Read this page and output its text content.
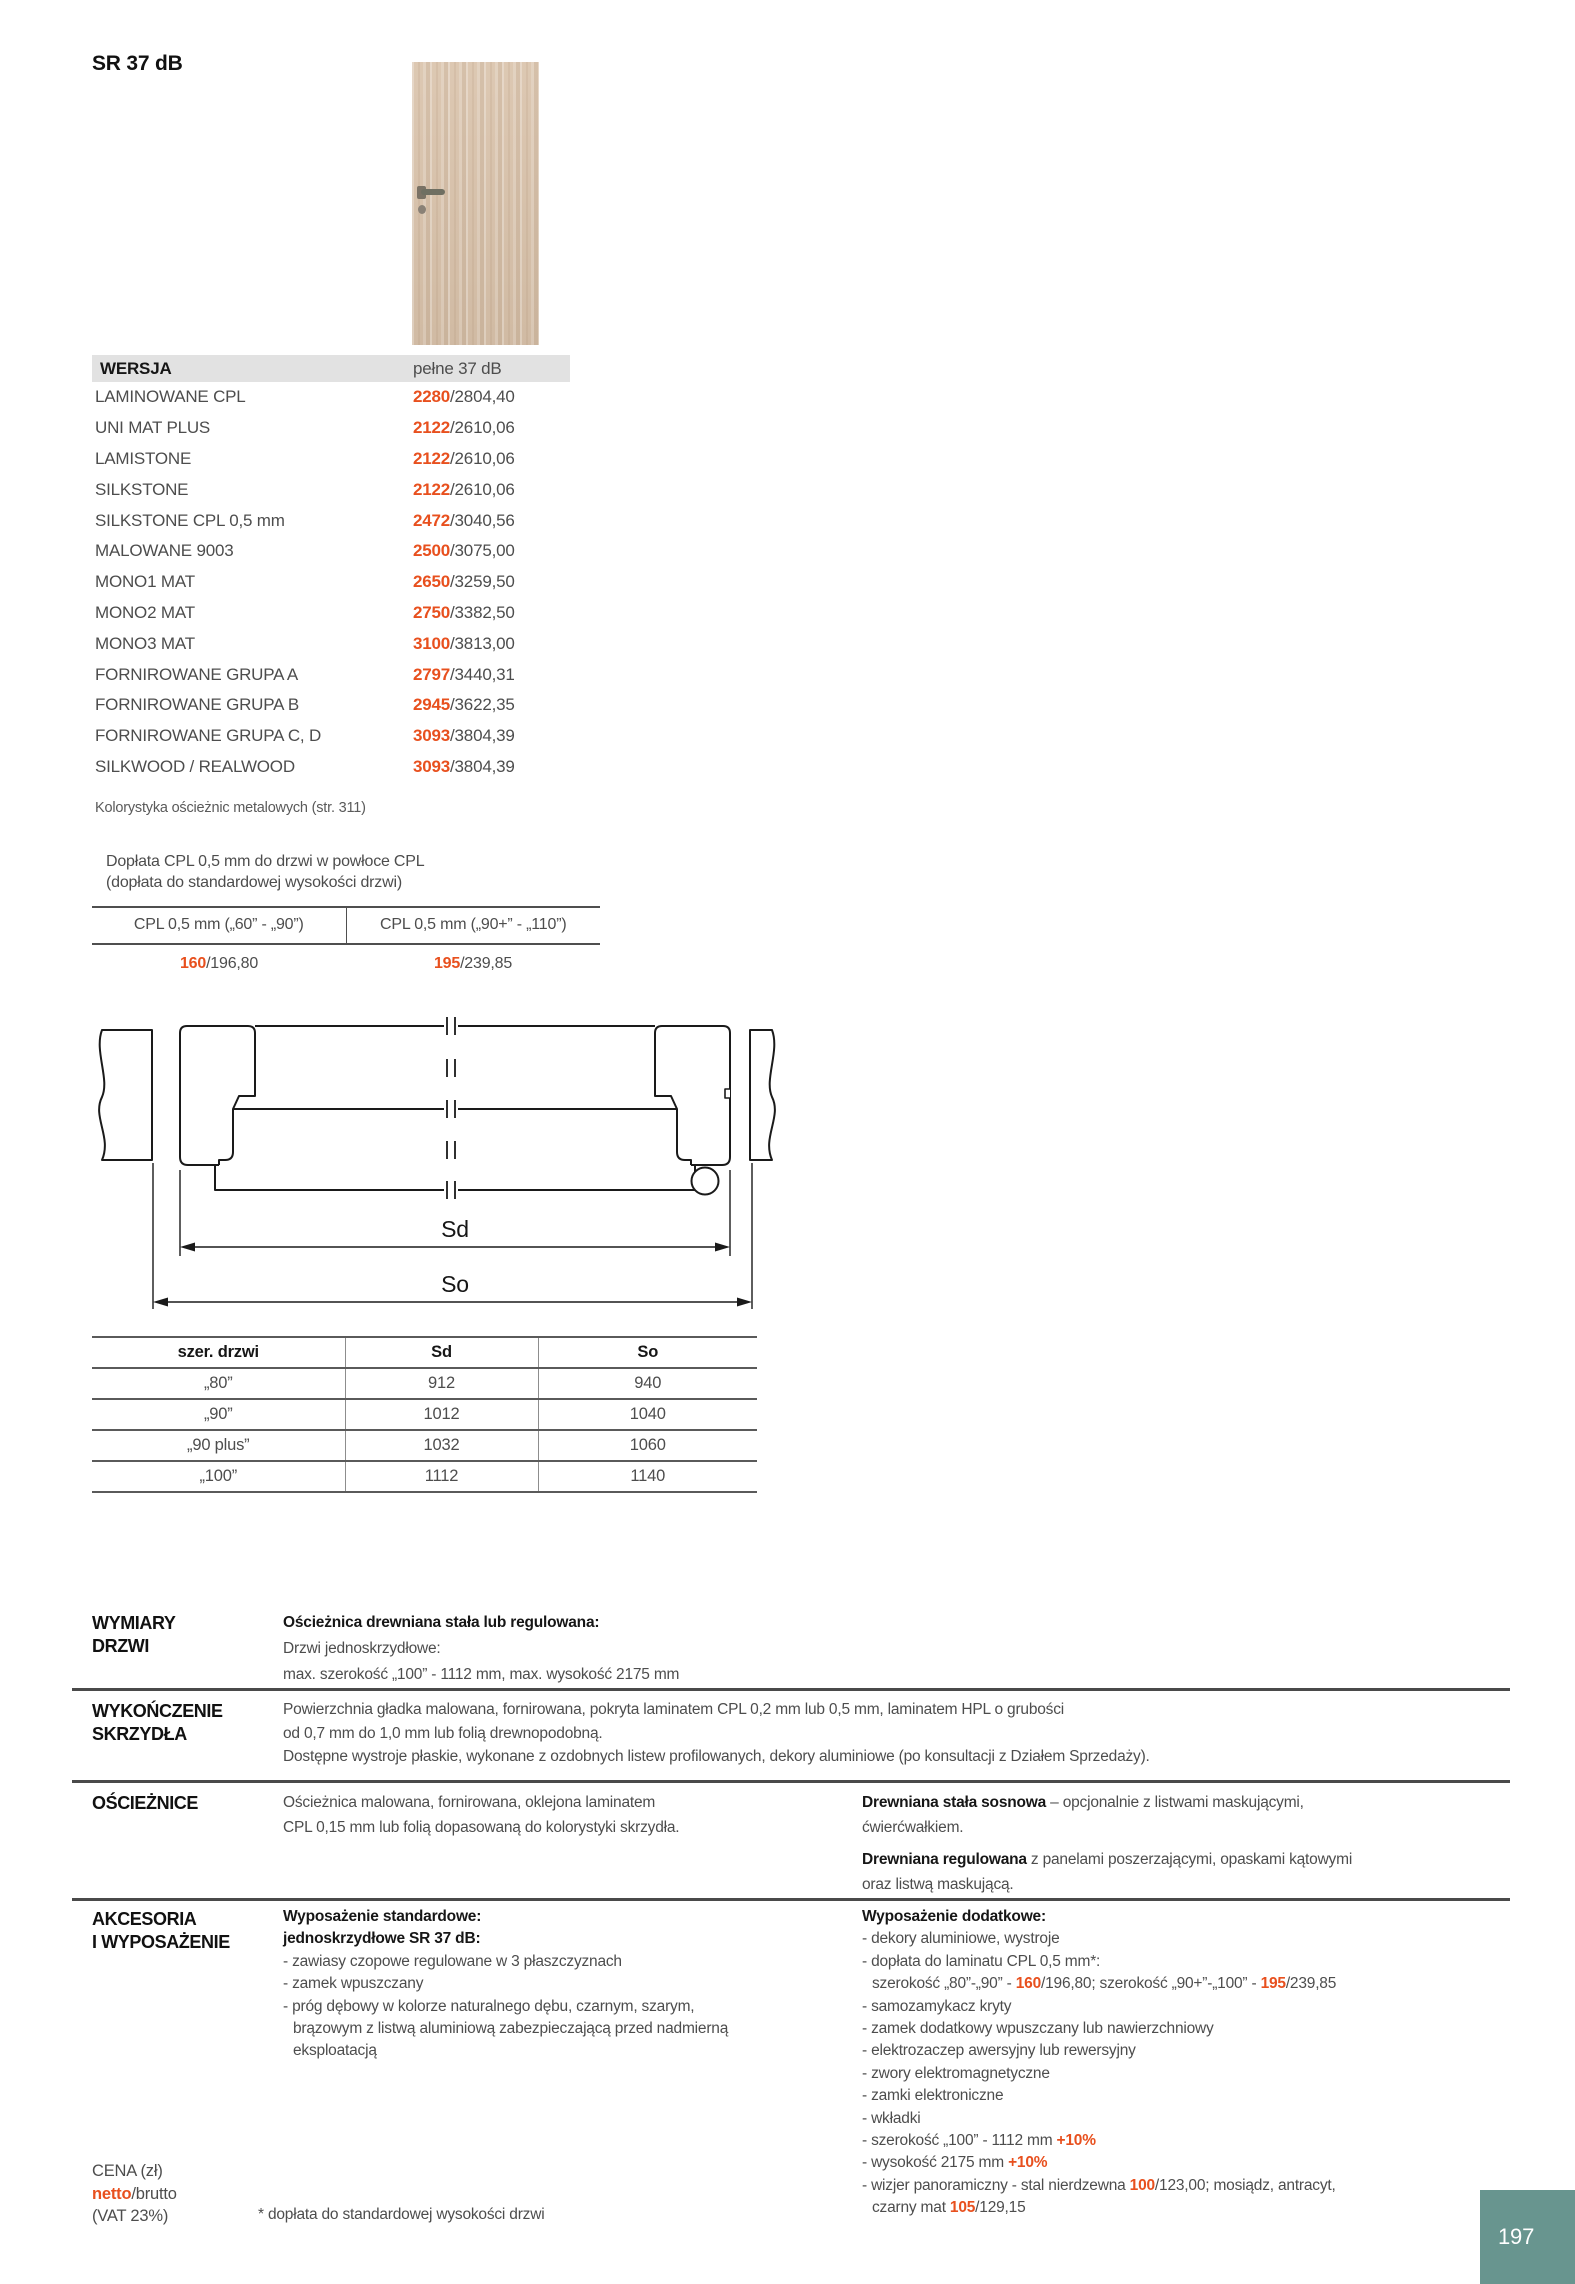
SR 37 dB
WERSJA	pełne 37 dB
LAMINOWANE CPL	2280/2804,40
UNI MAT PLUS	2122/2610,06
LAMISTONE	2122/2610,06
SILKSTONE	2122/2610,06
SILKSTONE CPL 0,5 mm	2472/3040,56
MALOWANE 9003	2500/3075,00
MONO1 MAT	2650/3259,50
MONO2 MAT	2750/3382,50
MONO3 MAT	3100/3813,00
FORNIROWANE GRUPA A	2797/3440,31
FORNIROWANE GRUPA B	2945/3622,35
FORNIROWANE GRUPA C, D	3093/3804,39
SILKWOOD / REALWOOD	3093/3804,39
Kolorystyka ościeżnic metalowych (str. 311)
Dopłata CPL 0,5 mm do drzwi w powłoce CPL
(dopłata do standardowej wysokości drzwi)
CPL 0,5 mm („60” - „90”)	CPL 0,5 mm („90+” - „110”)
160/196,80	195/239,85
Sd
So
szer. drzwi	Sd	So
„80”	912	940
„90”	1012	1040
„90 plus”	1032	1060
„100”	1112	1140
WYMIARY
DRZWI
Ościeżnica drewniana stała lub regulowana:
Drzwi jednoskrzydłowe:
max. szerokość „100” - 1112 mm, max. wysokość 2175 mm
WYKOŃCZENIE
SKRZYDŁA
Powierzchnia gładka malowana, fornirowana, pokryta laminatem CPL 0,2 mm lub 0,5 mm, laminatem HPL o grubości
od 0,7 mm do 1,0 mm lub folią drewnopodobną.
Dostępne wystroje płaskie, wykonane z ozdobnych listew profilowanych, dekory aluminiowe (po konsultacji z Działem Sprzedaży).
OŚCIEŻNICE	Ościeżnica malowana, fornirowana, oklejona laminatem
CPL 0,15 mm lub folią dopasowaną do kolorystyki skrzydła.
Drewniana stała sosnowa – opcjonalnie z listwami maskującymi, ćwierćwałkiem.
Drewniana regulowana z panelami poszerzającymi, opaskami kątowymi oraz listwą maskującą.
AKCESORIA
I WYPOSAŻENIE
Wyposażenie standardowe:
jednoskrzydłowe SR 37 dB:
- zawiasy czopowe regulowane w 3 płaszczyznach
- zamek wpuszczany
- próg dębowy w kolorze naturalnego dębu, czarnym, szarym, brązowym z listwą aluminiową zabezpieczającą przed nadmierną eksploatacją
Wyposażenie dodatkowe:
- dekory aluminiowe, wystroje
- dopłata do laminatu CPL 0,5 mm*:
szerokość „80”-„90” - 160/196,80; szerokość „90+”-„100” - 195/239,85
- samozamykacz kryty
- zamek dodatkowy wpuszczany lub nawierzchniowy
- elektrozaczep awersyjny lub rewersyjny
- zwory elektromagnetyczne
- zamki elektroniczne
- wkładki
- szerokość „100” - 1112 mm +10%
- wysokość 2175 mm +10%
- wizjer panoramiczny - stal nierdzewna 100/123,00; mosiądz, antracyt, czarny mat 105/129,15
CENA (zł)
netto/brutto
(VAT 23%)	* dopłata do standardowej wysokości drzwi
197
